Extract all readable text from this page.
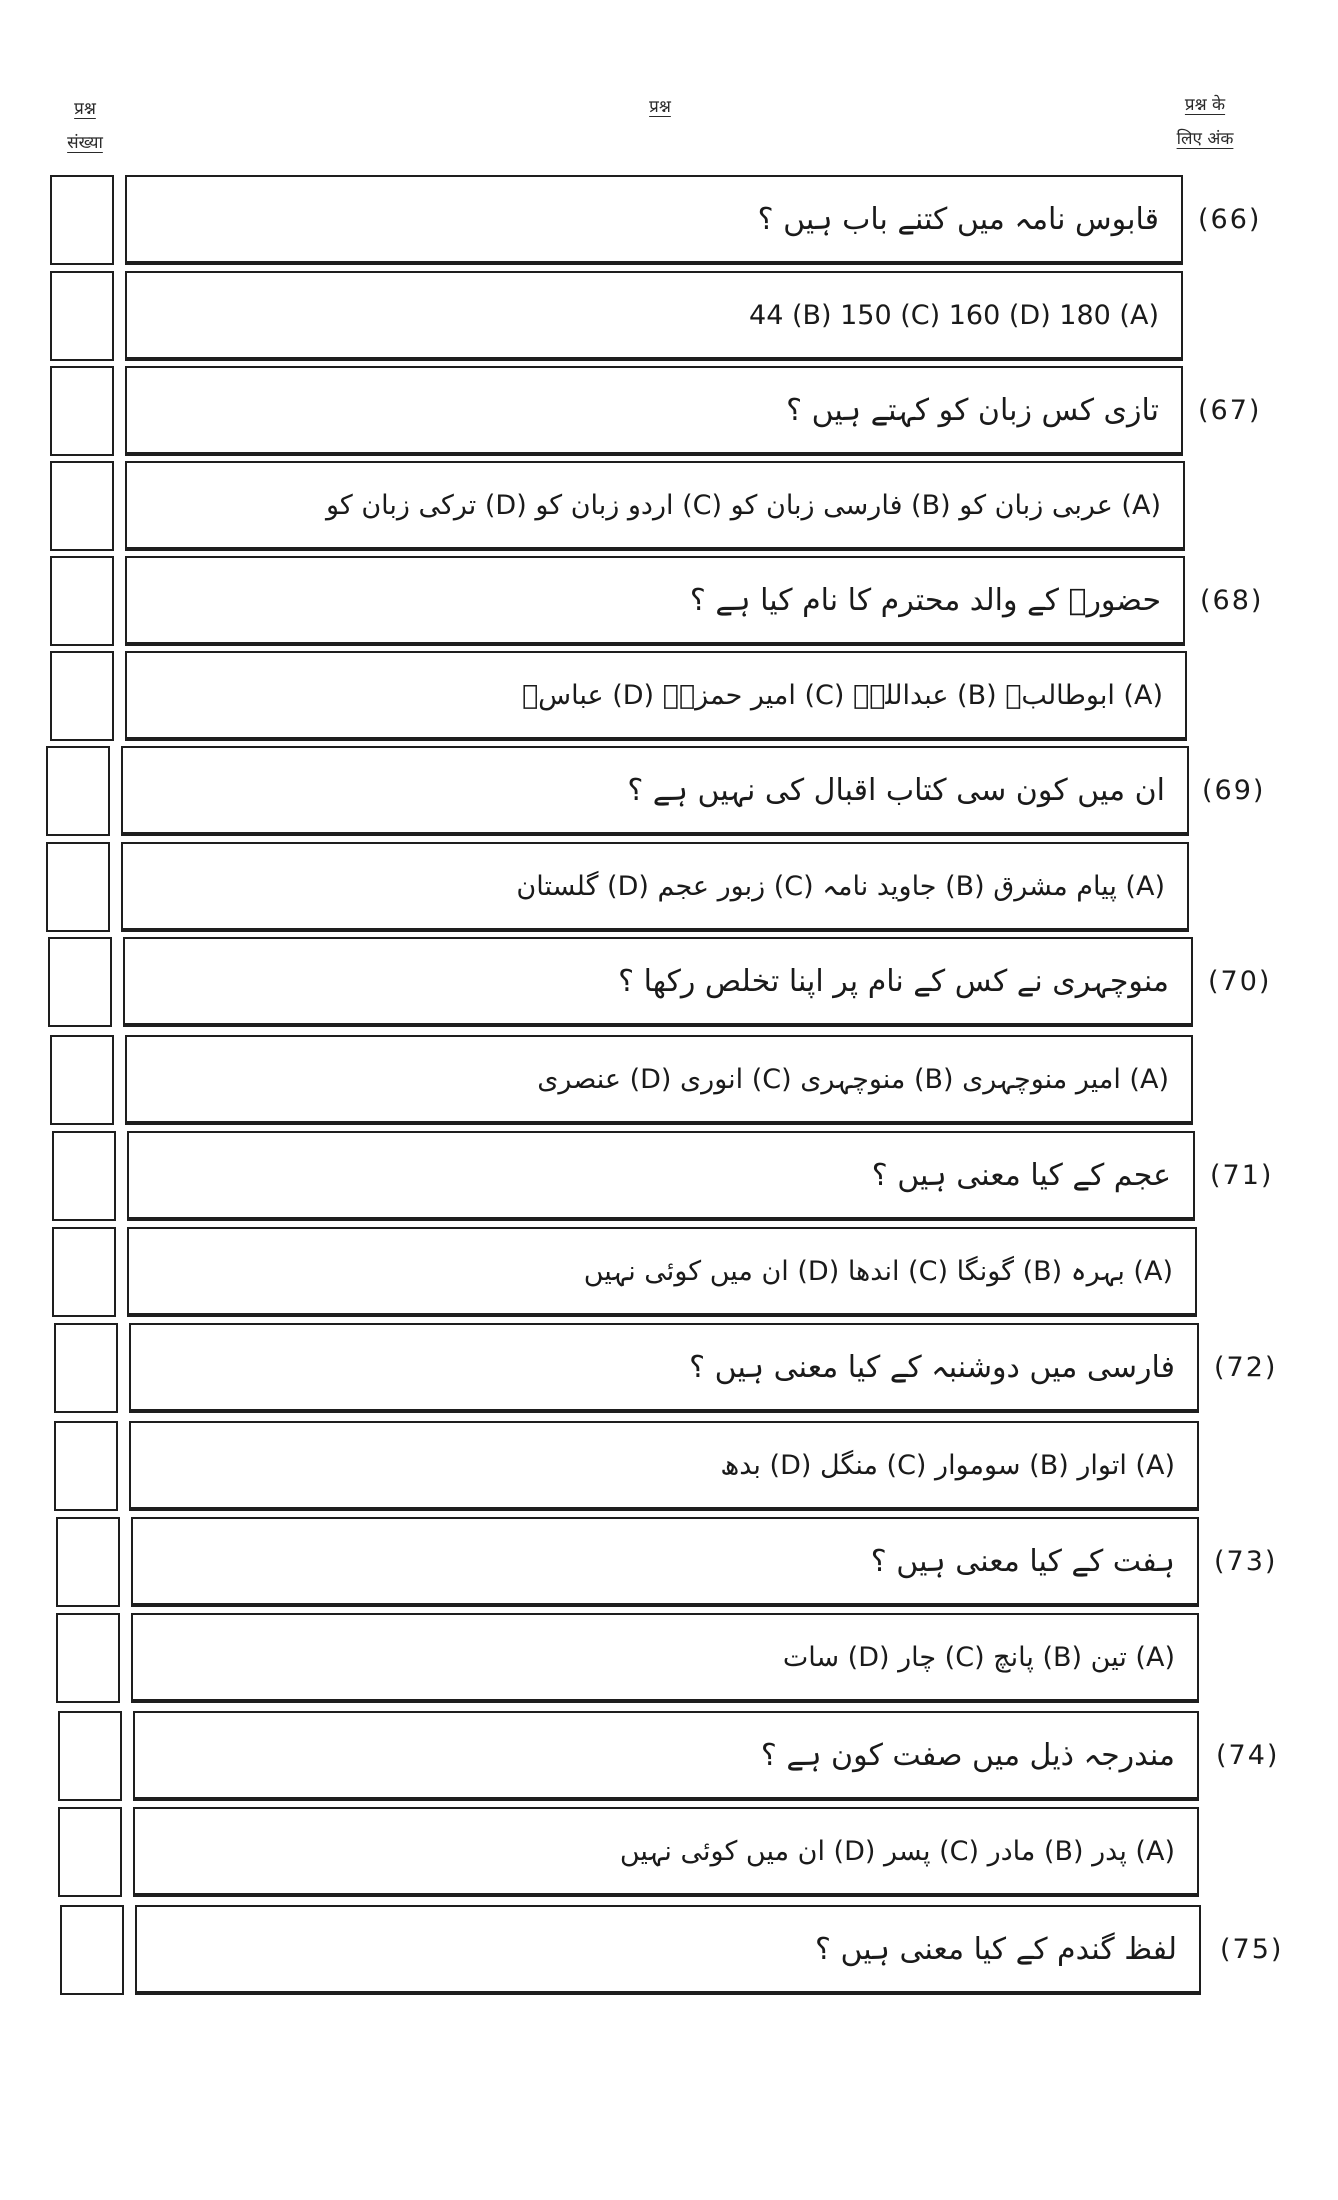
प्रश्न
संख्या
प्रश्न	प्रश्न के
लिए अंक
قابوس نامہ میں کتنے باب ہیں ؟ (66)
(A) 44 (B) 150 (C) 160 (D) 180
تازی کس زبان کو کہتے ہیں ؟ (67)
(A) عربی زبان کو (B) فارسی زبان کو (C) اردو زبان کو (D) ترکی زبان کو
حضورؐ کے والد محترم کا نام کیا ہے ؟ (68)
(A) ابوطالبؓ (B) عبداللہؓ (C) امیر حمزہؓ (D) عباسؓ
ان میں کون سی کتاب اقبال کی نہیں ہے ؟ (69)
(A) پیام مشرق (B) جاوید نامہ (C) زبور عجم (D) گلستان
منوچہری نے کس کے نام پر اپنا تخلص رکھا ؟ (70)
(A) امیر منوچہری (B) منوچہری (C) انوری (D) عنصری
عجم کے کیا معنی ہیں ؟ (71)
(A) بہرہ (B) گونگا (C) اندھا (D) ان میں کوئی نہیں
فارسی میں دوشنبہ کے کیا معنی ہیں ؟ (72)
(A) اتوار (B) سوموار (C) منگل (D) بدھ
ہفت کے کیا معنی ہیں ؟ (73)
(A) تین (B) پانچ (C) چار (D) سات
مندرجہ ذیل میں صفت کون ہے ؟ (74)
(A) پدر (B) مادر (C) پسر (D) ان میں کوئی نہیں
لفظ گندم کے کیا معنی ہیں ؟ (75)
